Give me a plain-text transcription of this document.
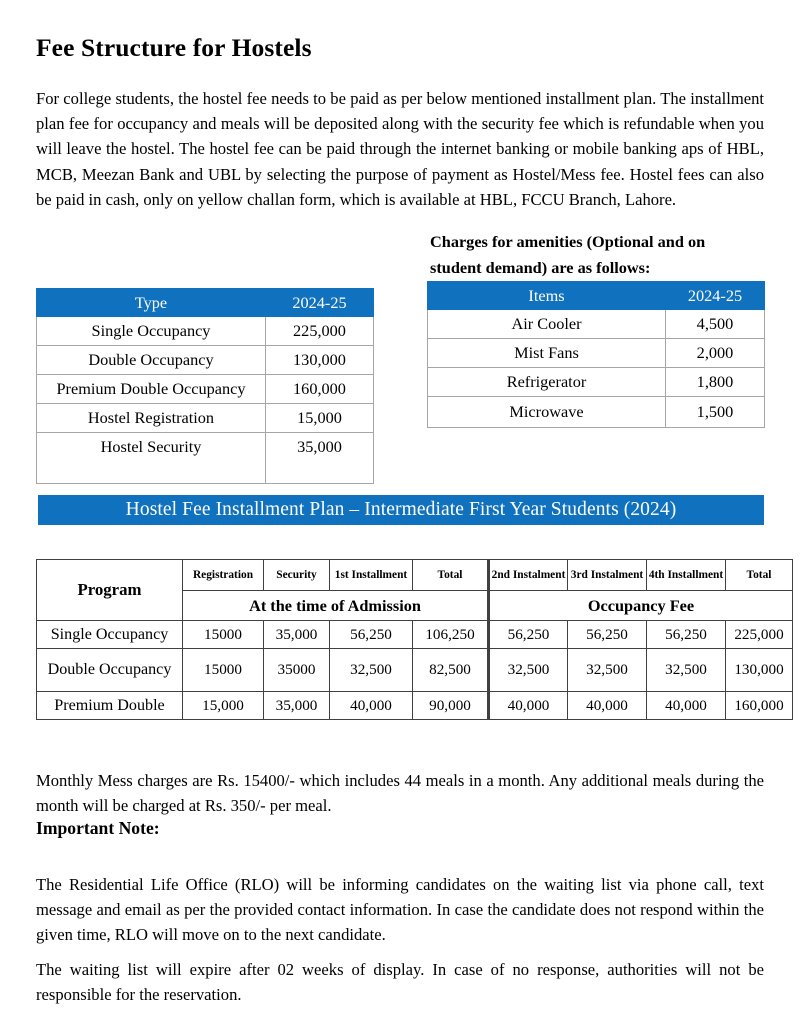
Fee Structure for Hostels

For college students, the hostel fee needs to be paid as per below mentioned installment plan. The installment plan fee for occupancy and meals will be deposited along with the security fee which is refundable when you will leave the hostel. The hostel fee can be paid through the internet banking or mobile banking aps of HBL, MCB, Meezan Bank and UBL by selecting the purpose of payment as Hostel/Mess fee. Hostel fees can also be paid in cash, only on yellow challan form, which is available at HBL, FCCU Branch, Lahore.

Charges for amenities (Optional and on student demand) are as follows:
Type	2024-25
Single Occupancy	225,000
Double Occupancy	130,000
Premium Double Occupancy	160,000
Hostel Registration	15,000
Hostel Security	35,000
Items	2024-25
Air Cooler	4,500
Mist Fans	2,000
Refrigerator	1,800
Microwave	1,500
Hostel Fee Installment Plan – Intermediate First Year Students (2024)
Program	Registration	Security	1st Installment	Total	2nd Instalment	3rd Instalment	4th Installment	Total
	At the time of Admission				Occupancy Fee			
Single Occupancy	15000	35,000	56,250	106,250	56,250	56,250	56,250	225,000
Double Occupancy	15000	35000	32,500	82,500	32,500	32,500	32,500	130,000
Premium Double	15,000	35,000	40,000	90,000	40,000	40,000	40,000	160,000

Monthly Mess charges are Rs. 15400/- which includes 44 meals in a month. Any additional meals during the month will be charged at Rs. 350/- per meal.

Important Note:

The Residential Life Office (RLO) will be informing candidates on the waiting list via phone call, text message and email as per the provided contact information. In case the candidate does not respond within the given time, RLO will move on to the next candidate.

The waiting list will expire after 02 weeks of display. In case of no response, authorities will not be responsible for the reservation.
